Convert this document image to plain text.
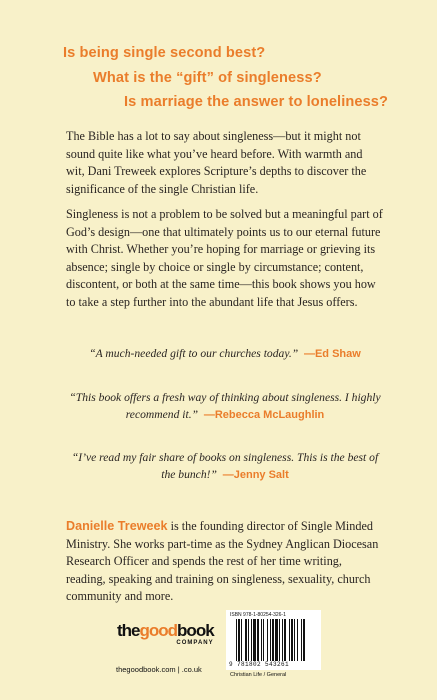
Is being single second best?
What is the “gift” of singleness?
Is marriage the answer to loneliness?

The Bible has a lot to say about singleness—but it might not sound quite like what you’ve heard before. With warmth and wit, Dani Treweek explores Scripture’s depths to discover the significance of the single Christian life.

Singleness is not a problem to be solved but a meaningful part of God’s design—one that ultimately points us to our eternal future with Christ. Whether you’re hoping for marriage or grieving its absence; single by choice or single by circumstance; content, discontent, or both at the same time—this book shows you how to take a step further into the abundant life that Jesus offers.

“A much-needed gift to our churches today.” —Ed Shaw

“This book offers a fresh way of thinking about singleness. I highly recommend it.” —Rebecca McLaughlin

“I’ve read my fair share of books on singleness. This is the best of the bunch!” —Jenny Salt

Danielle Treweek is the founding director of Single Minded Ministry. She works part-time as the Sydney Anglican Diocesan Research Officer and spends the rest of her time writing, reading, speaking and training on singleness, sexuality, church community and more.

thegoodbook
COMPANY
thegoodbook.com | .co.uk
ISBN 978-1-80254-326-1
9 781802 543261
Christian Life / General
